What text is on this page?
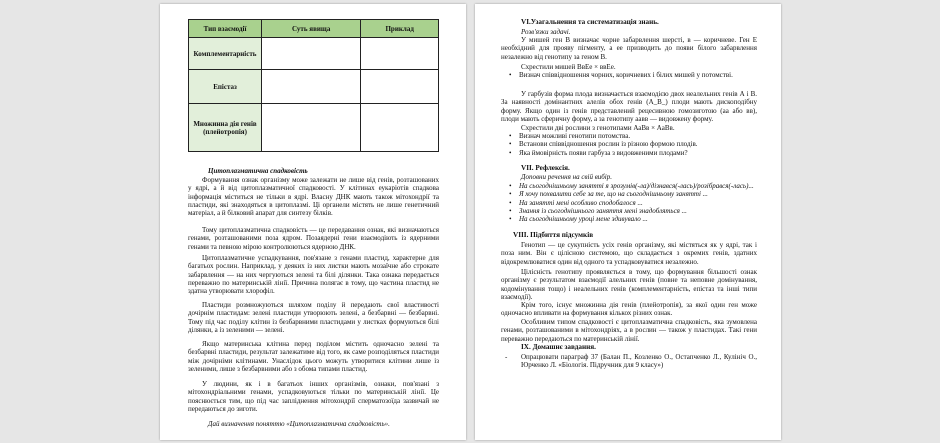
Тип взаємодії	Суть явища	Приклад
Комплементарність		
Епістаз		
Множинна дія генів (плейотропія)		

Цитоплазматична спадковість

Формування ознак організму може залежати не лише від генів, розташованих у ядрі, а й від цитоплазматичної спадковості. У клітинах еукаріотів спадкова інформація міститься не тільки в ядрі. Власну ДНК мають також мітохондрії та пластиди, які знаходяться в цитоплазмі. Ці органели містять не лише генетичний матеріал, а й білковий апарат для синтезу білків.

Тому цитоплазматична спадковість — це передавання ознак, які визначаються генами, розташованими поза ядром. Позаядерні гени взаємодіють із ядерними генами та певною мірою контролюються ядерною ДНК.

Цитоплазматичне успадкування, пов'язане з генами пластид, характерне для багатьох рослин. Наприклад, у деяких із них листки мають мозаїчне або строкате забарвлення — на них чергуються зелені та білі ділянки. Така ознака передається переважно по материнській лінії. Причина полягає в тому, що частина пластид не здатна утворювати хлорофіл.

Пластиди розмножуються шляхом поділу й передають свої властивості дочірнім пластидам: зелені пластиди утворюють зелені, а безбарвні — безбарвні. Тому під час поділу клітин із безбарвними пластидами у листках формуються білі ділянки, а із зеленими — зелені.

Якщо материнська клітина перед поділом містить одночасно зелені та безбарвні пластиди, результат залежатиме від того, як саме розподіляться пластиди між дочірніми клітинами. Унаслідок цього можуть утворитися клітини лише із зеленими, лише з безбарвними або з обома типами пластид.

У людини, як і в багатьох інших організмів, ознаки, пов'язані з мітохондріальними генами, успадковуються тільки по материнській лінії. Це пояснюється тим, що під час запліднення мітохондрії сперматозоїда зазвичай не передаються до зиготи.

Дай визначення поняттю «Цитоплазматична спадковість».

VI.Узагальнення та систематизація знань.

Розв'язки задачі.

У мишей ген В визначає чорне забарвлення шерсті, в — коричневе. Ген Е необхідний для прояву пігменту, а ее призводить до появи білого забарвлення незалежно від генотипу за геном В.

Схрестили мишей ВвЕе × ввЕе.

• Визнач співвідношення чорних, коричневих і білих мишей у потомстві.

У гарбузів форма плода визначається взаємодією двох неалельних генів А і В. За наявності домінантних алелів обох генів (А_В_) плоди мають дископодібну форму. Якщо один із генів представлений рецесивною гомозиготою (аа або вв), плоди мають сферичну форму, а за генотипу аавв — видовжену форму.

Схрестили дві рослини з генотипами АаВв × АаВв.

• Визнач можливі генотипи потомства.
• Встанови співвідношення рослин із різною формою плодів.
• Яка ймовірність появи гарбуза з видовженими плодами?

VII. Рефлексія.

Доповни речення на свій вибір.

• На сьогоднішньому занятті я зрозумів(-ла)/дізнався(-лась)/розібрався(-лась)...
• Я хочу похвалити себе за те, що на сьогоднішньому занятті ...
• На занятті мені особливо сподобалося ...
• Знання із сьогоднішнього заняття мені знадобляться ...
• На сьогоднішньому уроці мене здивувало ...

VIII. Підбиття підсумків

Генотип — це сукупність усіх генів організму, які містяться як у ядрі, так і поза ним. Він є цілісною системою, що складається з окремих генів, здатних відокремлюватися один від одного та успадковуватися незалежно.

Цілісність генотипу проявляється в тому, що формування більшості ознак організму є результатом взаємодії алельних генів (повне та неповне домінування, кодомінування тощо) і неалельних генів (комплементарність, епістаз та інші типи взаємодії).

Крім того, існує множинна дія генів (плейотропія), за якої один ген може одночасно впливати на формування кількох різних ознак.

Особливим типом спадковості є цитоплазматична спадковість, яка зумовлена генами, розташованими в мітохондріях, а в рослин — також у пластидах. Такі гени переважно передаються по материнській лінії.

IX. Домашнє завдання.

-	Опрацювати параграф 37 (Балан П., Козленко О., Остапченко Л., Кулініч О., Юрченко Л. «Біологія. Підручник для 9 класу»)
